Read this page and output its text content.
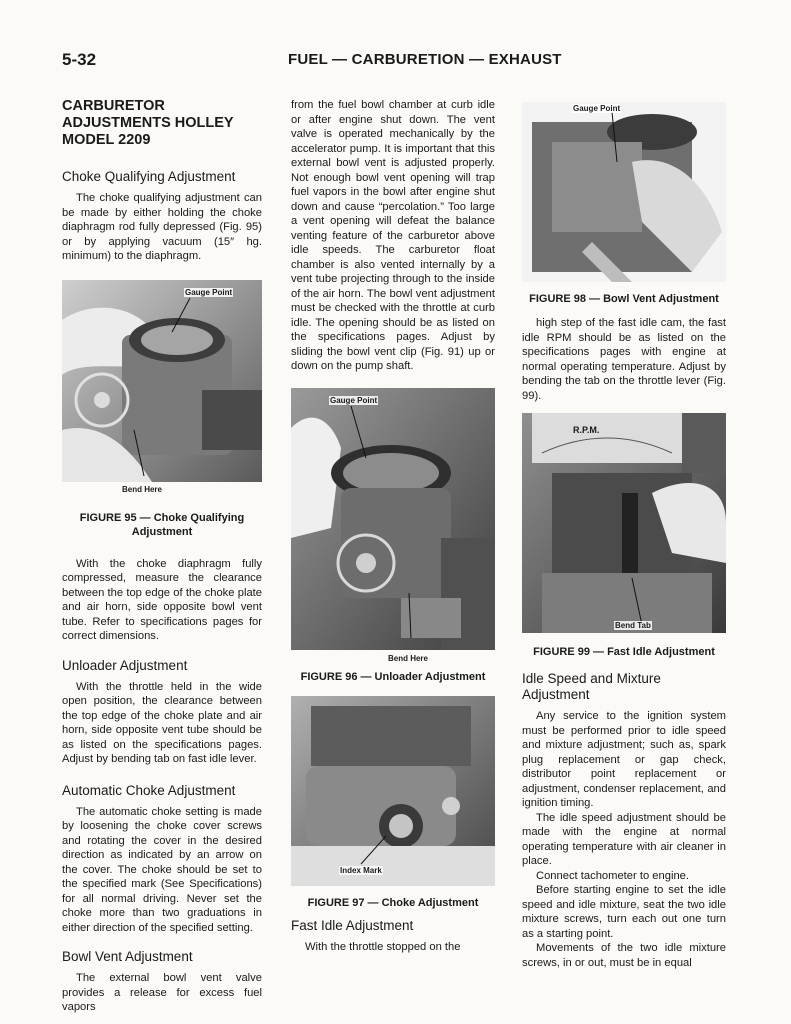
5-32	FUEL — CARBURETION — EXHAUST
CARBURETOR ADJUSTMENTS HOLLEY MODEL 2209
Choke Qualifying Adjustment

The choke qualifying adjustment can be made by either holding the choke diaphragm rod fully depressed (Fig. 95) or by applying vacuum (15″ hg. minimum) to the diaphragm.

Gauge Point
Bend Here
FIGURE 95 — Choke Qualifying Adjustment

With the choke diaphragm fully compressed, measure the clearance between the top edge of the choke plate and air horn, side opposite bowl vent tube. Refer to specifications pages for correct dimensions.

Unloader Adjustment

With the throttle held in the wide open position, the clearance between the top edge of the choke plate and air horn, side opposite vent tube should be as listed on the specifications pages. Adjust by bending tab on fast idle lever.

Automatic Choke Adjustment

The automatic choke setting is made by loosening the choke cover screws and rotating the cover in the desired direction as indicated by an arrow on the cover. The choke should be set to the specified mark (See Specifications) for all normal driving. Never set the choke more than two graduations in either direction of the specified setting.

Bowl Vent Adjustment

The external bowl vent valve provides a release for excess fuel vapors

from the fuel bowl chamber at curb idle or after engine shut down. The vent valve is operated mechanically by the accelerator pump. It is important that this external bowl vent is adjusted properly. Not enough bowl vent opening will trap fuel vapors in the bowl after engine shut down and cause “percolation.” Too large a vent opening will defeat the balance venting feature of the carburetor above idle speeds. The carburetor float chamber is also vented internally by a vent tube projecting through to the inside of the air horn. The bowl vent adjustment must be checked with the throttle at curb idle. The opening should be as listed on the specifications pages. Adjust by sliding the bowl vent clip (Fig. 91) up or down on the pump shaft.

Gauge Point
Bend Here
FIGURE 96 — Unloader Adjustment
Index Mark
FIGURE 97 — Choke Adjustment
Fast Idle Adjustment

With the throttle stopped on the

Gauge Point
FIGURE 98 — Bowl Vent Adjustment

high step of the fast idle cam, the fast idle RPM should be as listed on the specifications pages with engine at normal operating temperature. Adjust by bending the tab on the throttle lever (Fig. 99).

R.P.M.
Bend Tab
FIGURE 99 — Fast Idle Adjustment
Idle Speed and Mixture Adjustment

Any service to the ignition system must be performed prior to idle speed and mixture adjustment; such as, spark plug replacement or gap check, distributor point replacement or adjustment, condenser replacement, and ignition timing.

The idle speed adjustment should be made with the engine at normal operating temperature with air cleaner in place.

Connect tachometer to engine.

Before starting engine to set the idle speed and idle mixture, seat the two idle mixture screws, turn each out one turn as a starting point.

Movements of the two idle mixture screws, in or out, must be in equal
